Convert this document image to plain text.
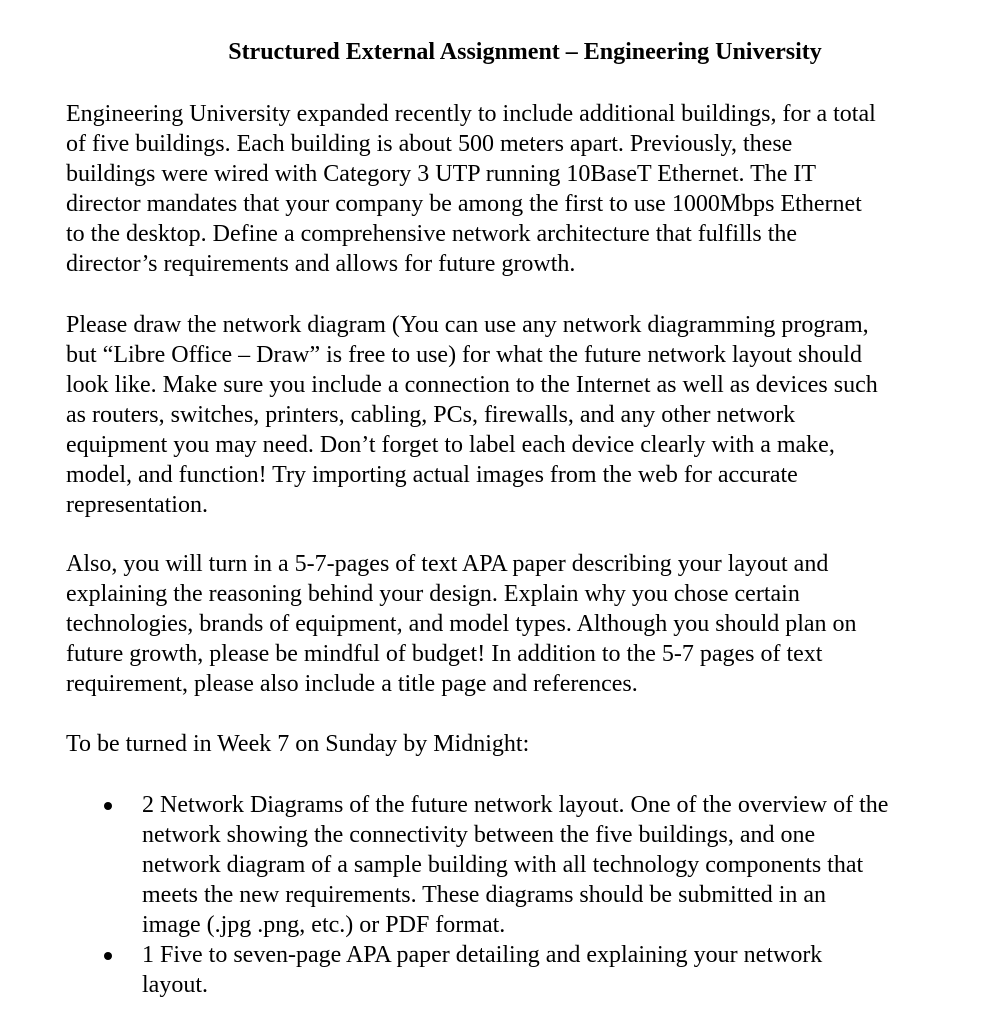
Structured External Assignment – Engineering University

Engineering University expanded recently to include additional buildings, for a total
of five buildings. Each building is about 500 meters apart. Previously, these
buildings were wired with Category 3 UTP running 10BaseT Ethernet. The IT
director mandates that your company be among the first to use 1000Mbps Ethernet
to the desktop. Define a comprehensive network architecture that fulfills the
director’s requirements and allows for future growth.

Please draw the network diagram (You can use any network diagramming program,
but “Libre Office – Draw” is free to use) for what the future network layout should
look like. Make sure you include a connection to the Internet as well as devices such
as routers, switches, printers, cabling, PCs, firewalls, and any other network
equipment you may need. Don’t forget to label each device clearly with a make,
model, and function! Try importing actual images from the web for accurate
representation.

Also, you will turn in a 5-7-pages of text APA paper describing your layout and
explaining the reasoning behind your design. Explain why you chose certain
technologies, brands of equipment, and model types. Although you should plan on
future growth, please be mindful of budget! In addition to the 5-7 pages of text
requirement, please also include a title page and references.

To be turned in Week 7 on Sunday by Midnight:

2 Network Diagrams of the future network layout. One of the overview of the
network showing the connectivity between the five buildings, and one
network diagram of a sample building with all technology components that
meets the new requirements. These diagrams should be submitted in an
image (.jpg .png, etc.) or PDF format.
1 Five to seven-page APA paper detailing and explaining your network
layout.
